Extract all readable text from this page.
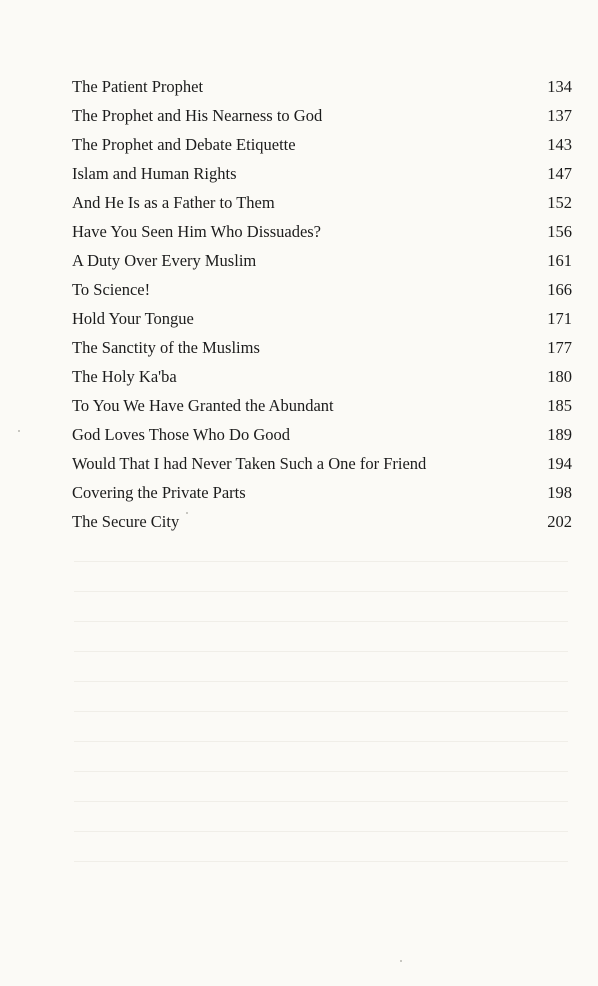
The Patient Prophet	134
The Prophet and His Nearness to God	137
The Prophet and Debate Etiquette	143
Islam and Human Rights	147
And He Is as a Father to Them	152
Have You Seen Him Who Dissuades?	156
A Duty Over Every Muslim	161
To Science!	166
Hold Your Tongue	171
The Sanctity of the Muslims	177
The Holy Ka'ba	180
To You We Have Granted the Abundant	185
God Loves Those Who Do Good	189
Would That I had Never Taken Such a One for Friend	194
Covering the Private Parts	198
The Secure City	202
